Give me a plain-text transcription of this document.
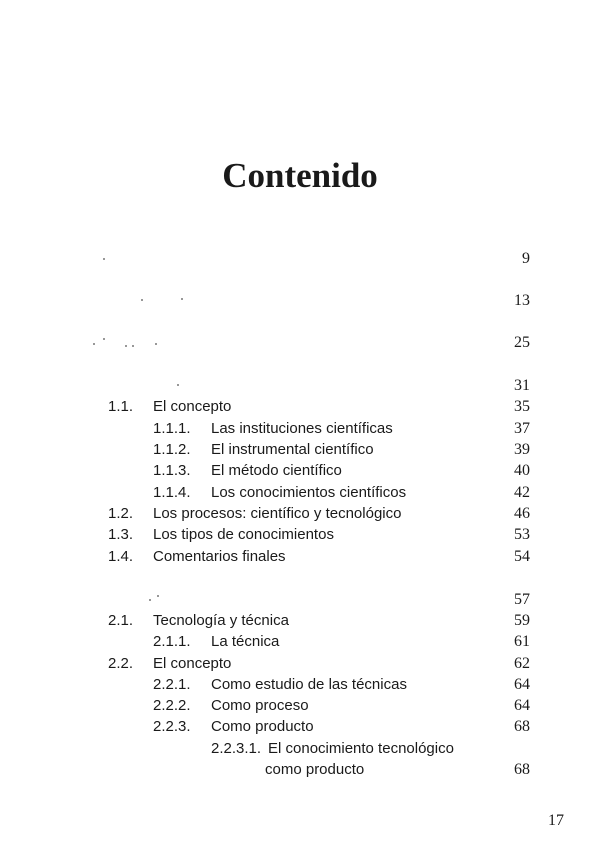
Contenido
9
13
25
31
1.1. El concepto	35
1.1.1. Las instituciones científicas	37
1.1.2. El instrumental científico	39
1.1.3. El método científico	40
1.1.4. Los conocimientos científicos	42
1.2. Los procesos: científico y tecnológico	46
1.3. Los tipos de conocimientos	53
1.4. Comentarios finales	54
57
2.1. Tecnología y técnica	59
2.1.1. La técnica	61
2.2. El concepto	62
2.2.1. Como estudio de las técnicas	64
2.2.2. Como proceso	64
2.2.3. Como producto	68
2.2.3.1. El conocimiento tecnológico
como producto	68
17
